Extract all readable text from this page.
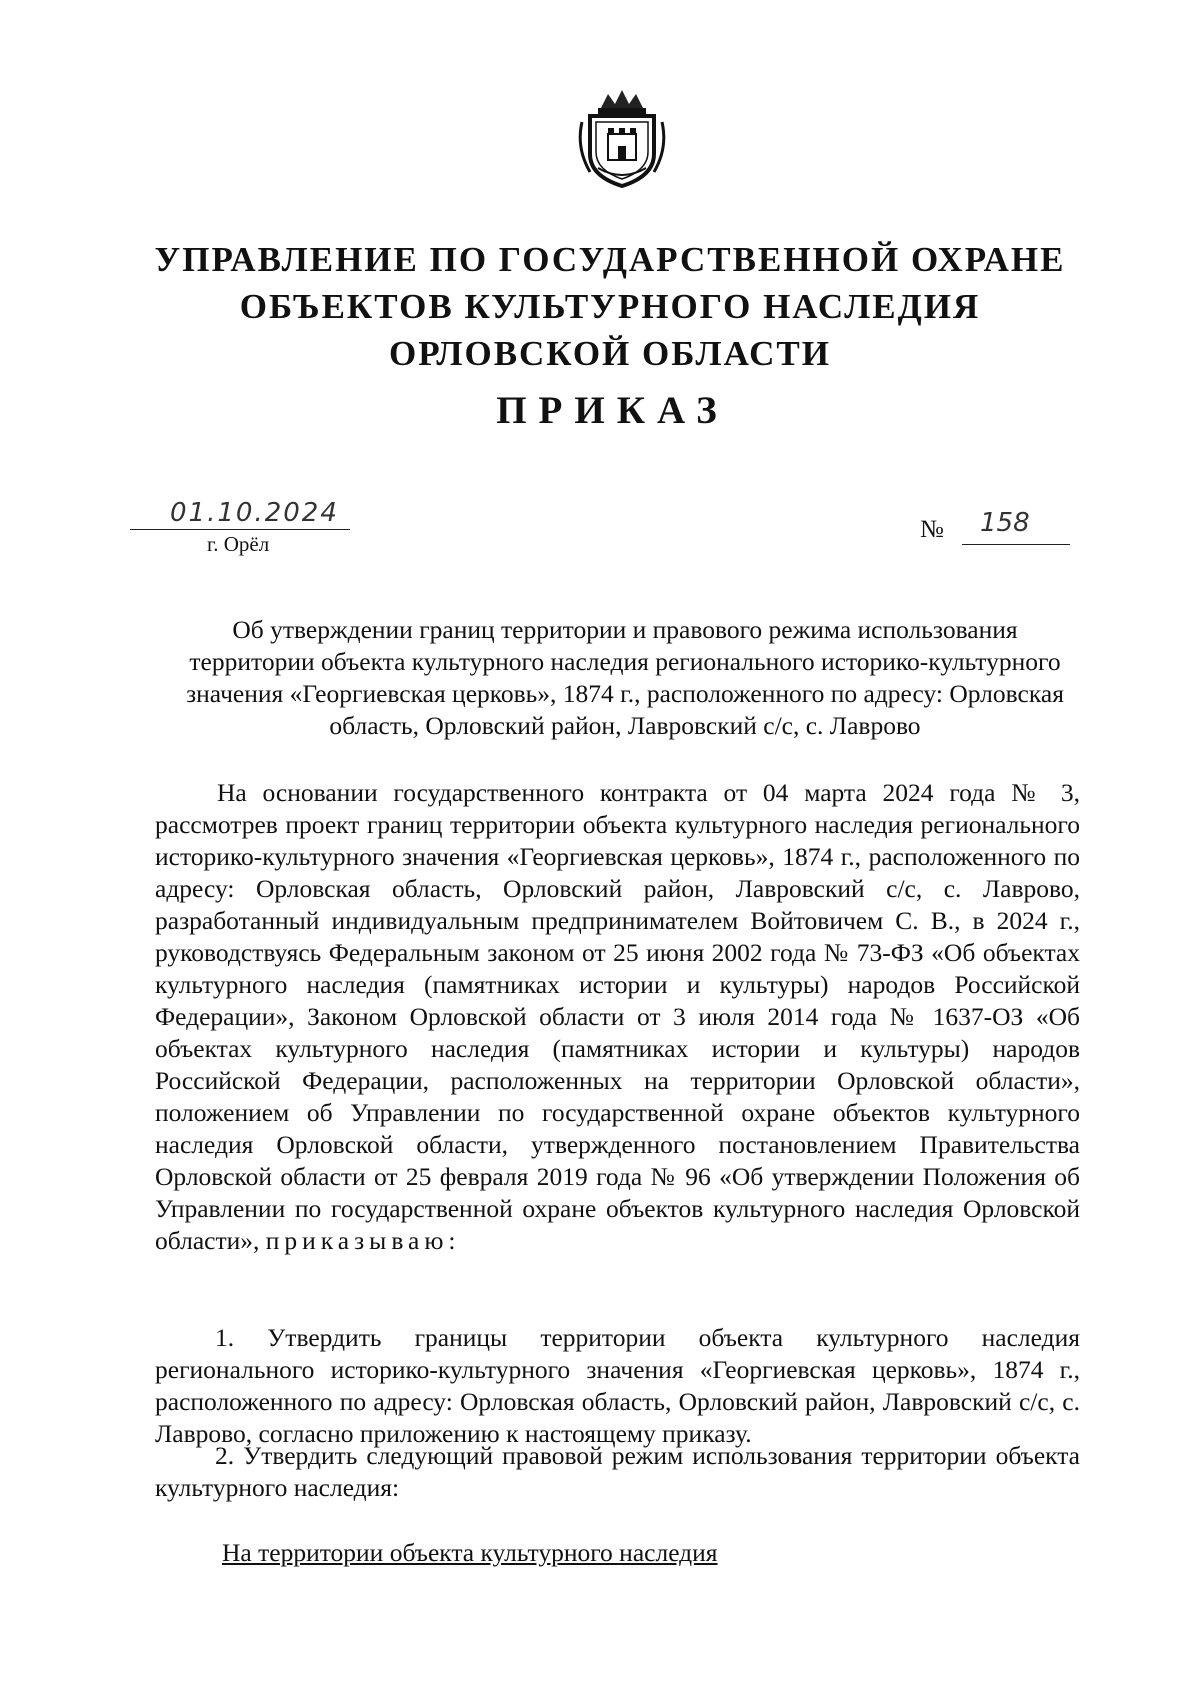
УПРАВЛЕНИЕ ПО ГОСУДАРСТВЕННОЙ ОХРАНЕ
ОБЪЕКТОВ КУЛЬТУРНОГО НАСЛЕДИЯ
ОРЛОВСКОЙ ОБЛАСТИ
ПРИКАЗ
01.10.2024
г. Орёл
№ 158
Об утверждении границ территории и правового режима использования
территории объекта культурного наследия регионального историко-культурного
значения «Георгиевская церковь», 1874 г., расположенного по адресу: Орловская
область, Орловский район, Лавровский с/с, с. Лаврово
На основании государственного контракта от 04 марта 2024 года № 3, рассмотрев проект границ территории объекта культурного наследия регионального историко-культурного значения «Георгиевская церковь», 1874 г., расположенного по адресу: Орловская область, Орловский район, Лавровский с/с, с. Лаврово, разработанный индивидуальным предпринимателем Войтовичем С. В., в 2024 г., руководствуясь Федеральным законом от 25 июня 2002 года № 73-ФЗ «Об объектах культурного наследия (памятниках истории и культуры) народов Российской Федерации», Законом Орловской области от 3 июля 2014 года № 1637-ОЗ «Об объектах культурного наследия (памятниках истории и культуры) народов Российской Федерации, расположенных на территории Орловской области», положением об Управлении по государственной охране объектов культурного наследия Орловской области, утвержденного постановлением Правительства Орловской области от 25 февраля 2019 года № 96 «Об утверждении Положения об Управлении по государственной охране объектов культурного наследия Орловской области», приказываю:
1. Утвердить границы территории объекта культурного наследия регионального историко-культурного значения «Георгиевская церковь», 1874 г., расположенного по адресу: Орловская область, Орловский район, Лавровский с/с, с. Лаврово, согласно приложению к настоящему приказу.
2. Утвердить следующий правовой режим использования территории объекта культурного наследия:
На территории объекта культурного наследия
